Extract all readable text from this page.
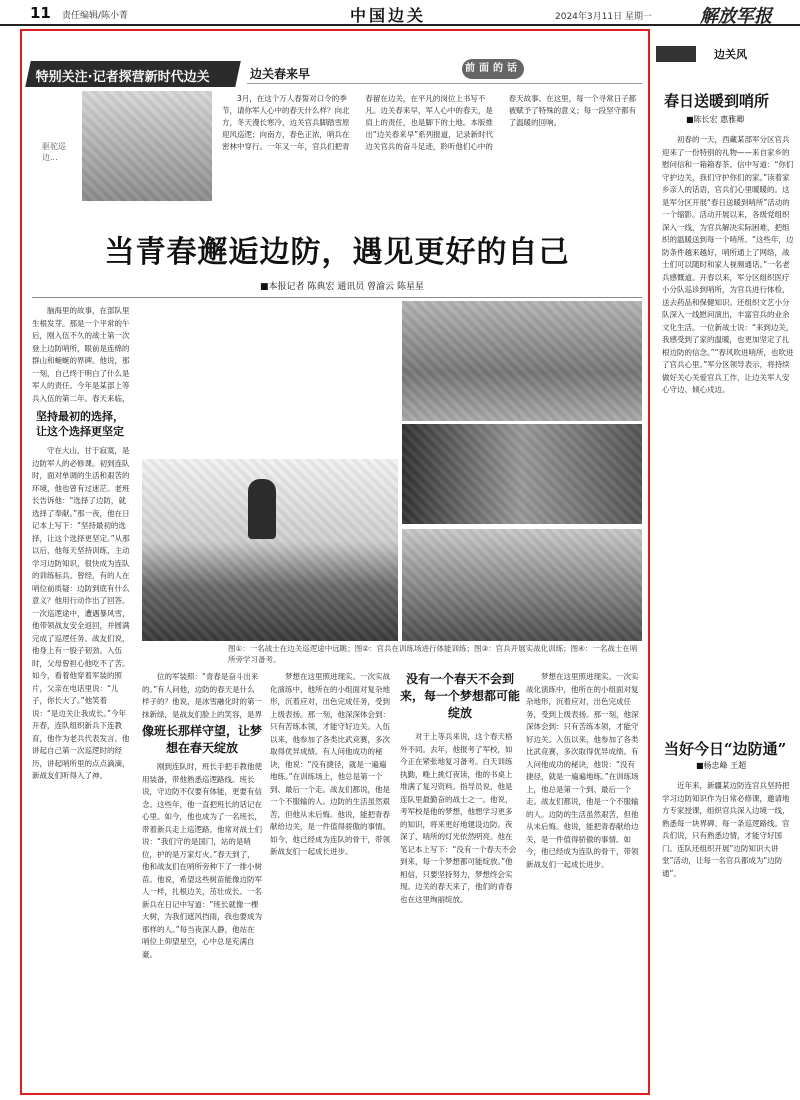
11 责任编辑/陈小菁	中国边关	2024年3月11日 星期一	解放军报
驱驼巡边...
特别关注·记者探营新时代边关	边关春来早	前面的话
3月，在这个万人春誓对口令的季节，请你军人心中的春天什么样？向北方，冬天漫长寒冷，边关官兵脚踏雪原迎风巡逻；向南方，春色正浓，哨兵在密林中穿行。一年又一年，官兵们把青春留在边关，在平凡的岗位上书写不凡。边关春来早，军人心中的春天，是肩上的责任，也是脚下的土地。本版推出“边关春来早”系列报道，记录新时代边关官兵的奋斗足迹，聆听他们心中的春天故事。在这里，每一个寻常日子都被赋予了特殊的意义；每一段坚守都有了温暖的回响。
当青春邂逅边防，遇见更好的自己
■本报记者 陈典宏 通讯员 曾渝云 陈星星
脑海里的故事，在部队里生根发芽。那是一个平常的午后，刚入伍不久的战士第一次登上边防哨所，眼前是连绵的群山和蜿蜒的界碑。他说，那一刻，自己终于明白了什么是军人的责任。今年是某部上等兵入伍的第二年。春天来临，
坚持最初的选择，让这个选择更坚定
守在大山，甘于寂寞，是边防军人的必修课。初到连队时，面对单调的生活和艰苦的环境，他也曾有过迷茫。老班长告诉他：“选择了边防，就选择了奉献。”那一夜，他在日记本上写下：“坚持最初的选择，让这个选择更坚定。”从那以后，他每天坚持训练，主动学习边防知识，很快成为连队的训练标兵。曾经，有的人在哨位前质疑：边防到底有什么意义？他用行动作出了回答。一次巡逻途中，遭遇暴风雪，他带领战友安全返回，并圆满完成了巡逻任务。战友们说，他身上有一股子韧劲。入伍时，父母曾担心他吃不了苦。如今，看着他穿着军装的照片，父亲在电话里说：“儿子，你长大了。”他笑着说：“是边关让我成长。”今年开春，连队组织新兵下连教育，他作为老兵代表发言。他讲起自己第一次巡逻时的经历，讲起哨所里的点点滴滴，新战友们听得入了神。
图①：一名战士在边关巡逻途中远眺；图②：官兵在训练场进行体能训练；图③：官兵开展实战化训练；图④：一名战士在哨所旁学习备考。
位的军装照：“青春是奋斗出来的。”有人问他，边防的春天是什么样子的？他说，是冰雪融化时的第一抹新绿，是战友们脸上的笑容，是界
像班长那样守望，让梦想在春天绽放
刚到连队时，班长手把手教他使用装备，带他熟悉巡逻路线。班长说，守边防不仅要有体能，更要有信念。这些年，他一直把班长的话记在心里。如今，他也成为了一名班长，带着新兵走上巡逻路。他常对战士们说：“我们守的是国门，站的是哨位，护的是万家灯火。”春天到了，他和战友们在哨所旁种下了一排小树苗。他说，希望这些树苗能像边防军人一样，扎根边关，茁壮成长。一名新兵在日记中写道：“班长就像一棵大树，为我们遮风挡雨，我也要成为那样的人。”每当夜深人静，他站在哨位上仰望星空，心中总是充满自豪。
梦想在这里照进现实。一次实战化演练中，他所在的小组面对复杂地形，沉着应对，出色完成任务，受到上级表扬。那一刻，他深深体会到：只有苦练本领，才能守好边关。入伍以来，他参加了各类比武竞赛，多次取得优异成绩。有人问他成功的秘诀，他说：“没有捷径，就是一遍遍地练。”在训练场上，他总是第一个到、最后一个走。战友们都说，他是一个不服输的人。边防的生活虽然艰苦，但他从未后悔。他说，能把青春献给边关，是一件值得骄傲的事情。如今，他已经成为连队的骨干，带领新战友们一起成长进步。
没有一个春天不会到来，每一个梦想都可能绽放
对于上等兵来说，这个春天格外不同。去年，他报考了军校，如今正在紧张地复习备考。白天训练执勤，晚上挑灯夜读，他的书桌上堆满了复习资料。指导员说，他是连队里最勤奋的战士之一。他说，考军校是他的梦想，他想学习更多的知识，将来更好地建设边防。夜深了，哨所的灯光依然明亮。他在笔记本上写下：“没有一个春天不会到来，每一个梦想都可能绽放。”他相信，只要坚持努力，梦想终会实现。边关的春天来了，他们的青春也在这里绚丽绽放。
梦想在这里照进现实。一次实战化演练中，他所在的小组面对复杂地形，沉着应对，出色完成任务，受到上级表扬。那一刻，他深深体会到：只有苦练本领，才能守好边关。入伍以来，他参加了各类比武竞赛，多次取得优异成绩。有人问他成功的秘诀，他说：“没有捷径，就是一遍遍地练。”在训练场上，他总是第一个到、最后一个走。战友们都说，他是一个不服输的人。边防的生活虽然艰苦，但他从未后悔。他说，能把青春献给边关，是一件值得骄傲的事情。如今，他已经成为连队的骨干，带领新战友们一起成长进步。
边关风
春日送暖到哨所
■陈长宏 惠雅卿
初春的一天，西藏某部军分区官兵迎来了一份特别的礼物——来自家乡的慰问信和一箱箱春茶。信中写道：“你们守护边关，我们守护你们的家。”读着家乡亲人的话语，官兵们心里暖暖的。这是军分区开展“春日送暖到哨所”活动的一个缩影。活动开展以来，各级党组织深入一线，为官兵解决实际困难，把组织的温暖送到每一个哨所。“这些年，边防条件越来越好，哨所通上了网络，战士们可以随时和家人视频通话。”一名老兵感慨道。开春以来，军分区组织医疗小分队巡诊到哨所，为官兵进行体检，送去药品和保健知识。还组织文艺小分队深入一线慰问演出，丰富官兵的业余文化生活。一位新战士说：“来到边关，我感受到了家的温暖，也更加坚定了扎根边防的信念。”“春风吹进哨所，也吹进了官兵心里。”军分区领导表示，将持续做好关心关爱官兵工作，让边关军人安心守边、倾心戍边。
当好今日“边防通”
■杨忠峰 王超
近年来，新疆某边防连官兵坚持把学习边防知识作为日常必修课，邀请地方专家授课，组织官兵深入边境一线，熟悉每一块界碑、每一条巡逻路线。官兵们说，只有熟悉边情，才能守好国门。连队还组织开展“边防知识大讲堂”活动，让每一名官兵都成为“边防通”。
